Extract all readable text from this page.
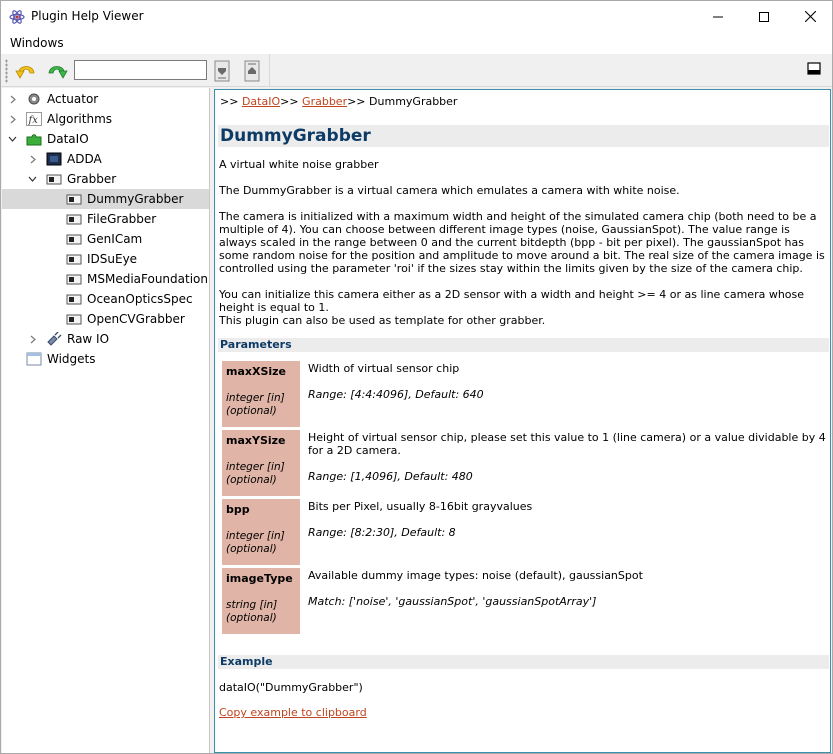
Plugin Help Viewer
Windows
Actuator
fx Algorithms
DataIO
ADDA
Grabber
DummyGrabber
FileGrabber
GenICam
IDSuEye
MSMediaFoundation
OceanOpticsSpec
OpenCVGrabber
Raw IO
Widgets
>> DataIO>> Grabber>> DummyGrabber
DummyGrabber
A virtual white noise grabber
The DummyGrabber is a virtual camera which emulates a camera with white noise.
The camera is initialized with a maximum width and height of the simulated camera chip (both need to be a multiple of 4). You can choose between different image types (noise, GaussianSpot). The value range is always scaled in the range between 0 and the current bitdepth (bpp - bit per pixel). The gaussianSpot has some random noise for the position and amplitude to move around a bit. The real size of the camera image is controlled using the parameter 'roi' if the sizes stay within the limits given by the size of the camera chip.
You can initialize this camera either as a 2D sensor with a width and height >= 4 or as line camera whose height is equal to 1.
This plugin can also be used as template for other grabber.
Parameters
maxXSize
integer [in]
(optional)
Width of virtual sensor chip
Range: [4:4:4096], Default: 640
maxYSize
integer [in]
(optional)
Height of virtual sensor chip, please set this value to 1 (line camera) or a value dividable by 4 for a 2D camera.
Range: [1,4096], Default: 480
bpp
integer [in]
(optional)
Bits per Pixel, usually 8-16bit grayvalues
Range: [8:2:30], Default: 8
imageType
string [in]
(optional)
Available dummy image types: noise (default), gaussianSpot
Match: ['noise', 'gaussianSpot', 'gaussianSpotArray']
Example
dataIO("DummyGrabber")
Copy example to clipboard
